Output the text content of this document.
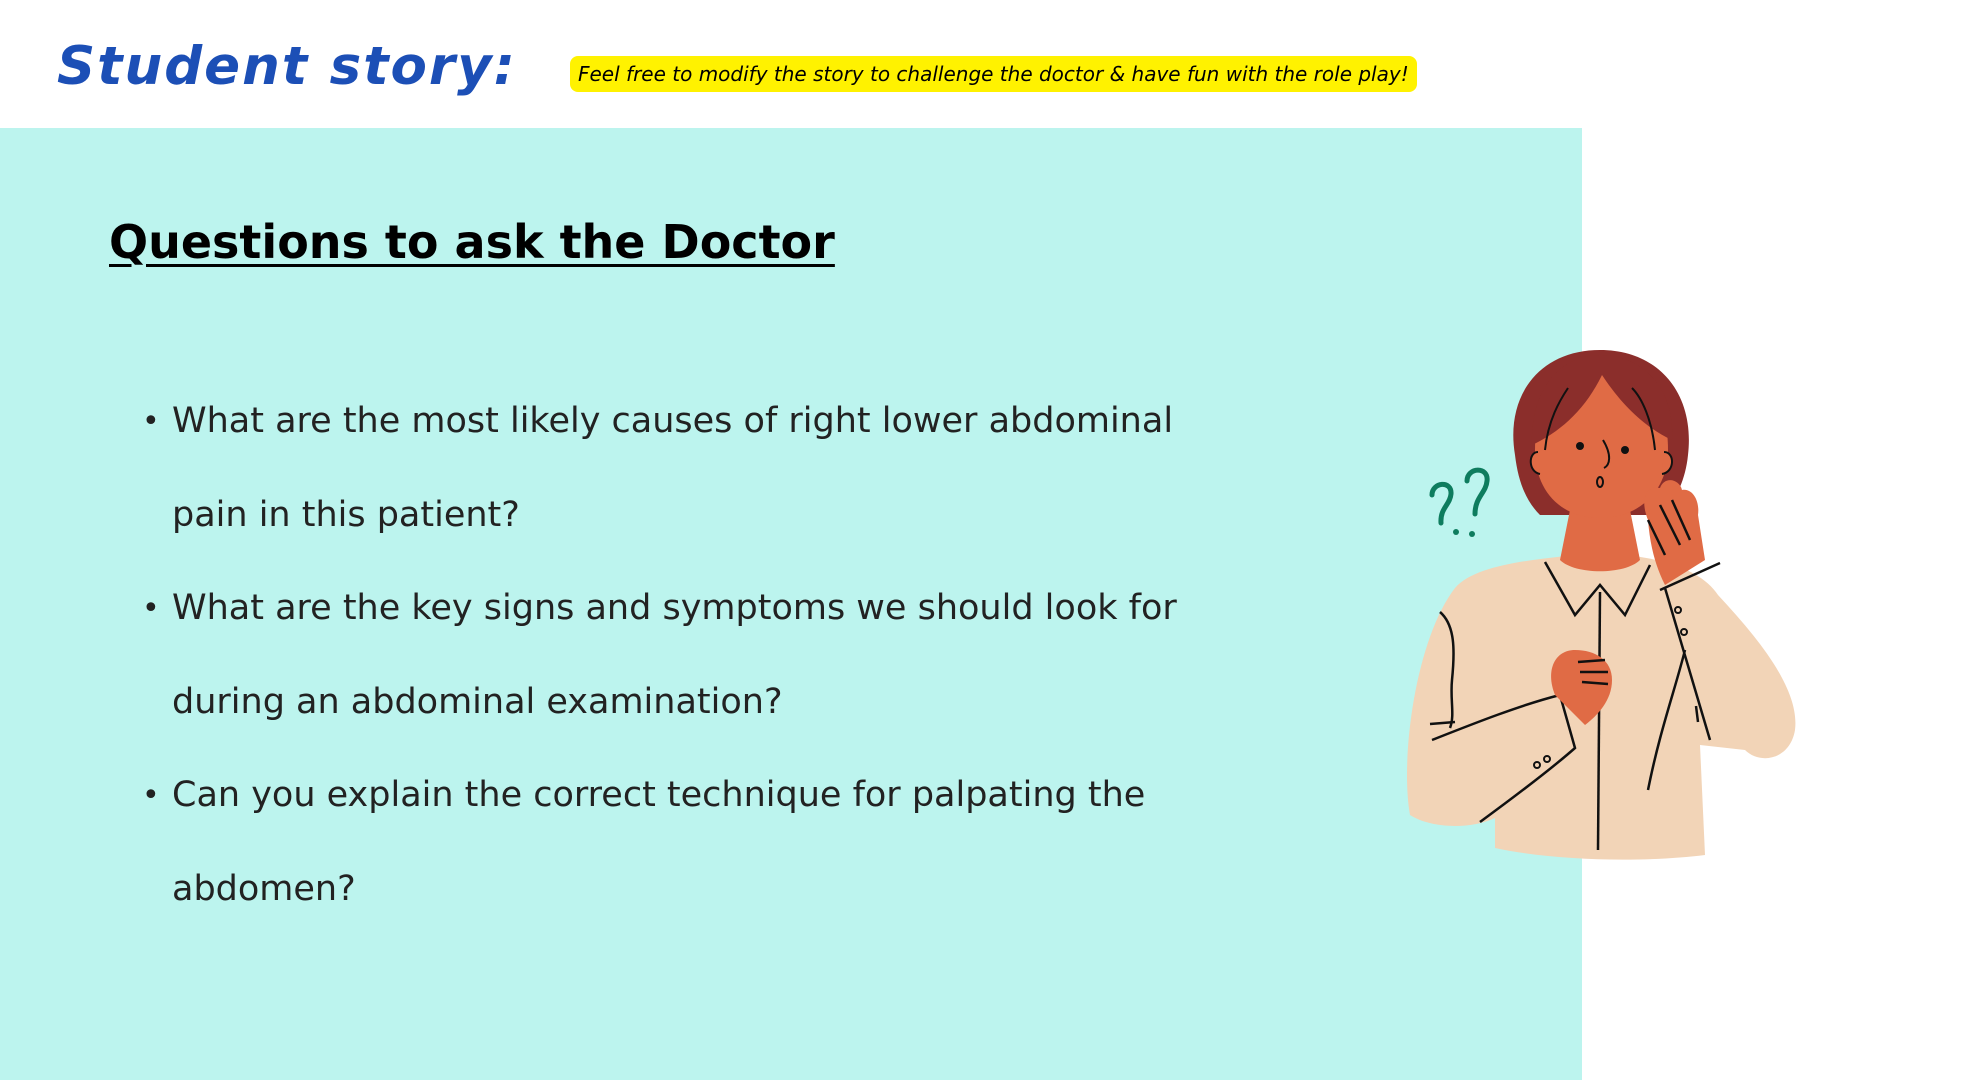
Student story:	Feel free to modify the story to challenge the doctor & have fun with the role play!
Questions to ask the Doctor
• What are the most likely causes of right lower abdominal pain in this patient?
• What are the key signs and symptoms we should look for during an abdominal examination?
• Can you explain the correct technique for palpating the abdomen?
